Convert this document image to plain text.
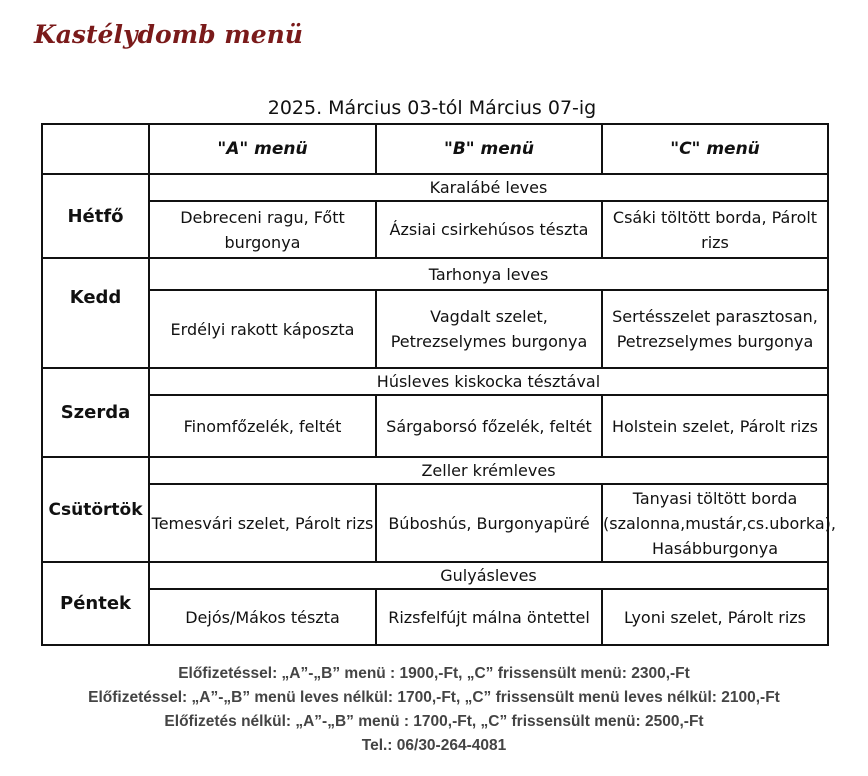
Kastélydomb menü
2025. Március 03-tól Március 07-ig
	"A" menü	"B" menü	"C" menü
Hétfő	Karalábé leves		
	Debreceni ragu, Főtt burgonya	Ázsiai csirkehúsos tészta	Csáki töltött borda, Párolt rizs
Kedd	Tarhonya leves		
	Erdélyi rakott káposzta	Vagdalt szelet, Petrezselymes burgonya	Sertésszelet parasztosan, Petrezselymes burgonya
Szerda	Húsleves kiskocka tésztával		
	Finomfőzelék, feltét	Sárgaborsó főzelék, feltét	Holstein szelet, Párolt rizs
Csütörtök	Zeller krémleves		
	Temesvári szelet, Párolt rizs	Búboshús, Burgonyapüré	Tanyasi töltött borda (szalonna,mustár,cs.uborka), Hasábburgonya
Péntek	Gulyásleves		
	Dejós/Mákos tészta	Rizsfelfújt málna öntettel	Lyoni szelet, Párolt rizs
Előfizetéssel: „A”-„B” menü : 1900,-Ft, „C” frissensült menü: 2300,-Ft
Előfizetéssel: „A”-„B” menü leves nélkül: 1700,-Ft, „C” frissensült menü leves nélkül: 2100,-Ft
Előfizetés nélkül: „A”-„B” menü : 1700,-Ft, „C” frissensült menü: 2500,-Ft
Tel.: 06/30-264-4081
